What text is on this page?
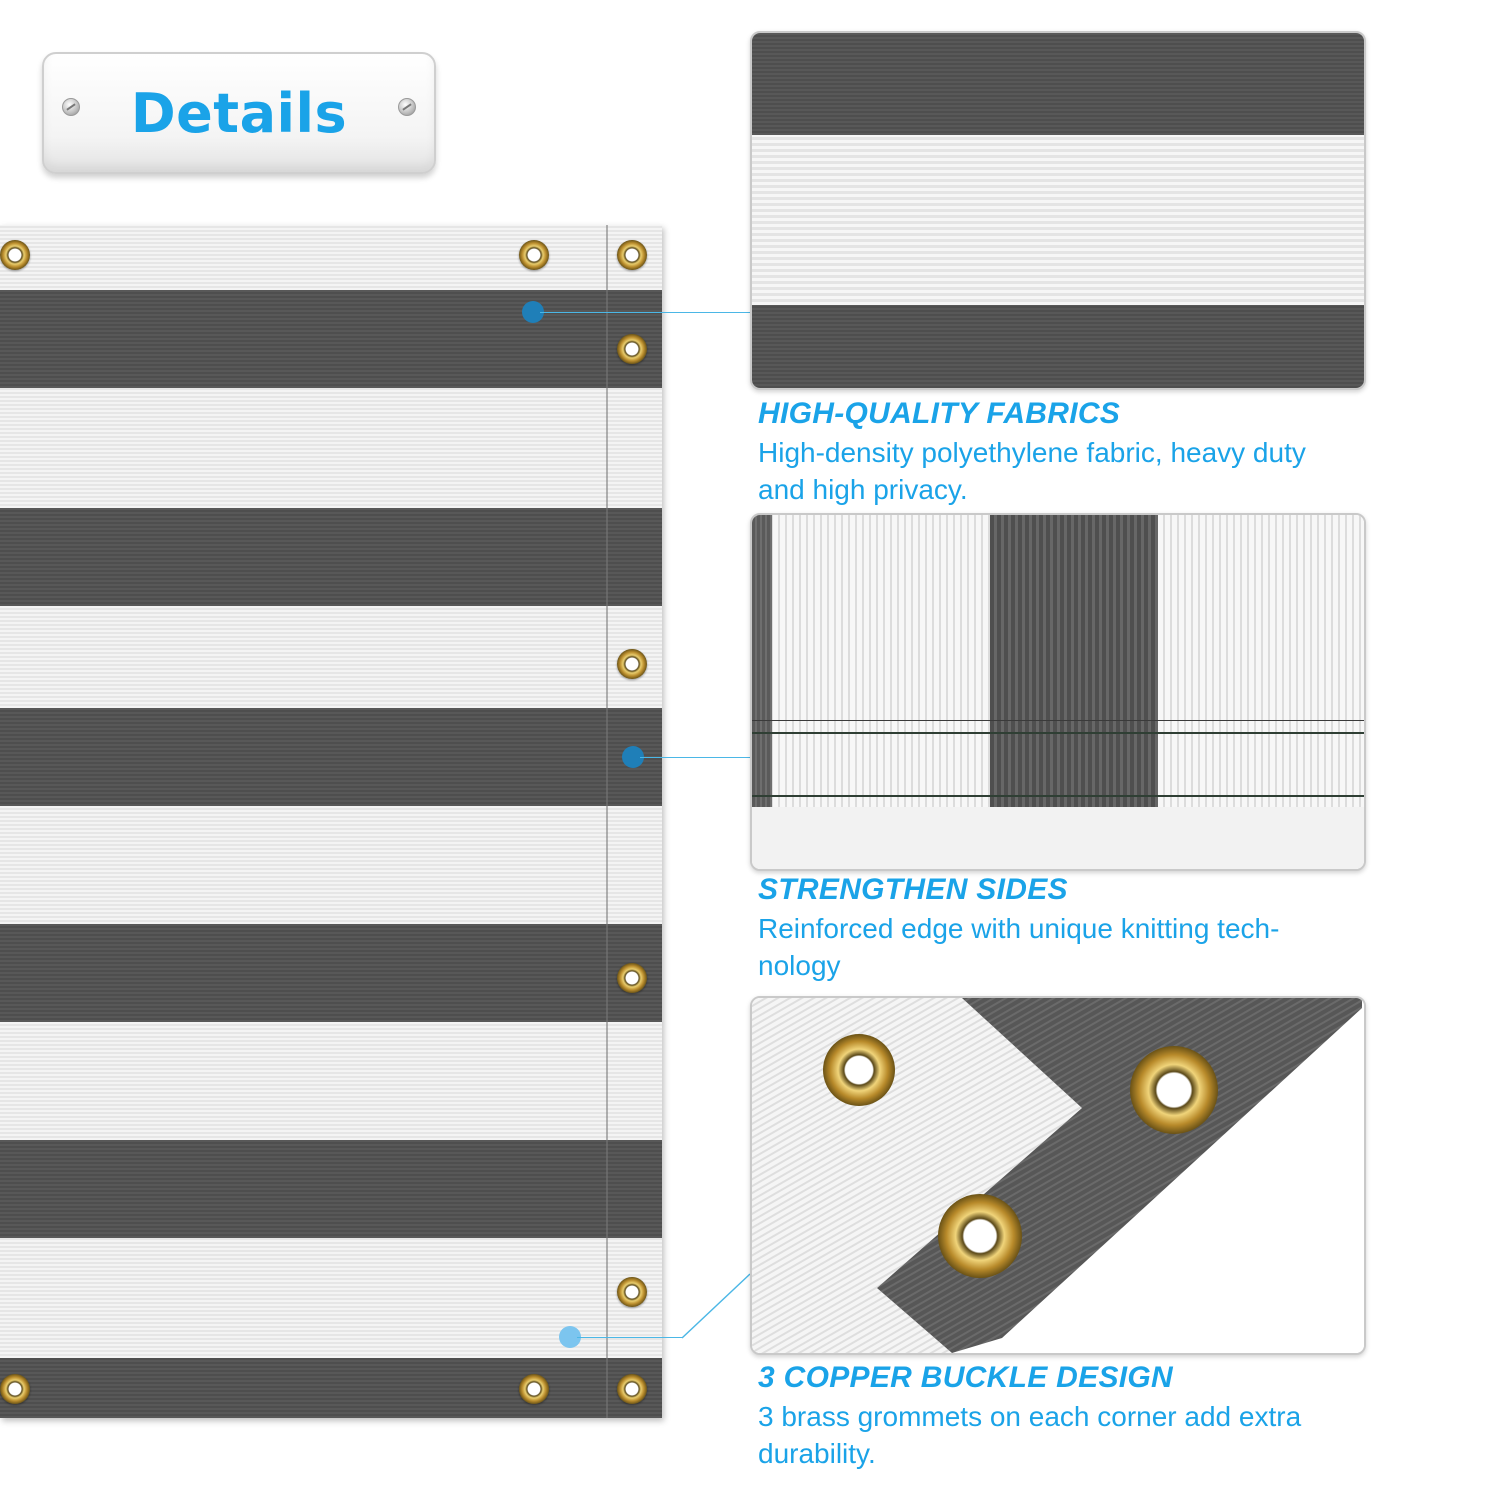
Details
HIGH-QUALITY FABRICS
High-density polyethylene fabric, heavy duty and high privacy.
STRENGTHEN SIDES
Reinforced edge with unique knitting tech-nology
3 COPPER BUCKLE DESIGN
3 brass grommets on each corner add extra durability.
